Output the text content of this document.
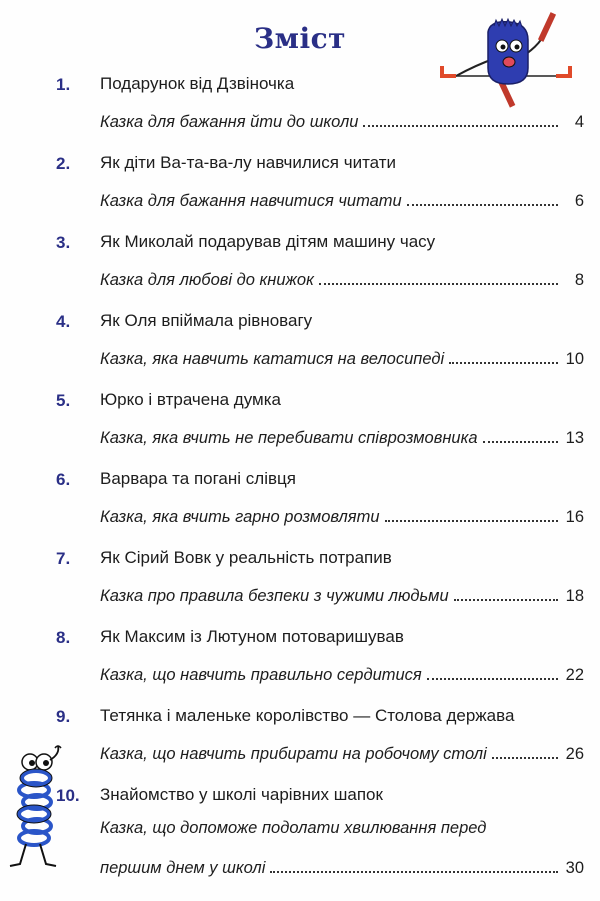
Зміст
1.	Подарунок від Дзвіночка
Казка для бажання йти до школи	4
2.	Як діти Ва-та-ва-лу навчилися читати
Казка для бажання навчитися читати	6
3.	Як Миколай подарував дітям машину часу
Казка для любові до книжок	8
4.	Як Оля впіймала рівновагу
Казка, яка навчить кататися на велосипеді	10
5.	Юрко і втрачена думка
Казка, яка вчить не перебивати співрозмовника	13
6.	Варвара та погані слівця
Казка, яка вчить гарно розмовляти	16
7.	Як Сірий Вовк у реальність потрапив
Казка про правила безпеки з чужими людьми	18
8.	Як Максим із Лютуном потоваришував
Казка, що навчить правильно сердитися	22
9.	Тетянка і маленьке королівство — Столова держава
Казка, що навчить прибирати на робочому столі	26
10.	Знайомство у школі чарівних шапок
Казка, що допоможе подолати хвилювання перед
першим днем у школі	30
